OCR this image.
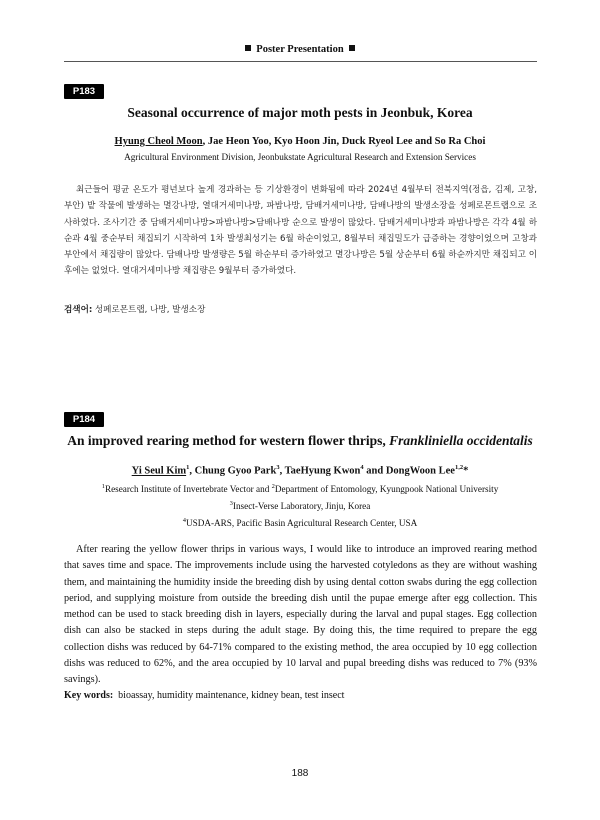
Poster Presentation
P183
Seasonal occurrence of major moth pests in Jeonbuk, Korea
Hyung Cheol Moon, Jae Heon Yoo, Kyo Hoon Jin, Duck Ryeol Lee and So Ra Choi
Agricultural Environment Division, Jeonbukstate Agricultural Research and Extension Services
최근들어 평균 온도가 평년보다 높게 경과하는 등 기상환경이 변화됨에 따라 2024년 4월부터 전북지역(정읍, 김제, 고창, 부안) 밭 작물에 발생하는 멸강나방, 열대거세미나방, 파밤나방, 담배거세미나방, 담배나방의 발생소장을 성페로몬트랩으로 조사하였다. 조사기간 중 담배거세미나방>파밤나방>담배나방 순으로 발생이 많았다. 담배거세미나방과 파밤나방은 각각 4월 하순과 4월 중순부터 채집되기 시작하여 1차 발생최성기는 6월 하순이었고, 8월부터 채집밀도가 급증하는 경향이었으며 고창과 부안에서 채집량이 많았다. 담배나방 발생량은 5월 하순부터 증가하였고 멸강나방은 5월 상순부터 6월 하순까지만 채집되고 이후에는 없었다. 열대거세미나방 채집량은 9월부터 증가하였다.
검색어: 성페로몬트랩, 나방, 발생소장
P184
An improved rearing method for western flower thrips, Frankliniella occidentalis
Yi Seul Kim$^1$, Chung Gyoo Park$^3$, TaeHyung Kwon$^4$ and DongWoon Lee$^{1,2}$*
$^1$Research Institute of Invertebrate Vector and $^2$Department of Entomology, Kyungpook National University
$^3$Insect-Verse Laboratory, Jinju, Korea
$^4$USDA-ARS, Pacific Basin Agricultural Research Center, USA
After rearing the yellow flower thrips in various ways, I would like to introduce an improved rearing method that saves time and space. The improvements include using the harvested cotyledons as they are without washing them, and maintaining the humidity inside the breeding dish by using dental cotton swabs during the egg collection period, and supplying moisture from outside the breeding dish until the pupae emerge after egg collection. This method can be used to stack breeding dish in layers, especially during the larval and pupal stages. Egg collection dish can also be stacked in steps during the adult stage. By doing this, the time required to prepare the egg collection dishs was reduced by 64-71% compared to the existing method, the area occupied by 10 egg collection dishs was reduced to 62%, and the area occupied by 10 larval and pupal breeding dishs was reduced to 7% (93% savings).
Key words: bioassay, humidity maintenance, kidney bean, test insect
188
